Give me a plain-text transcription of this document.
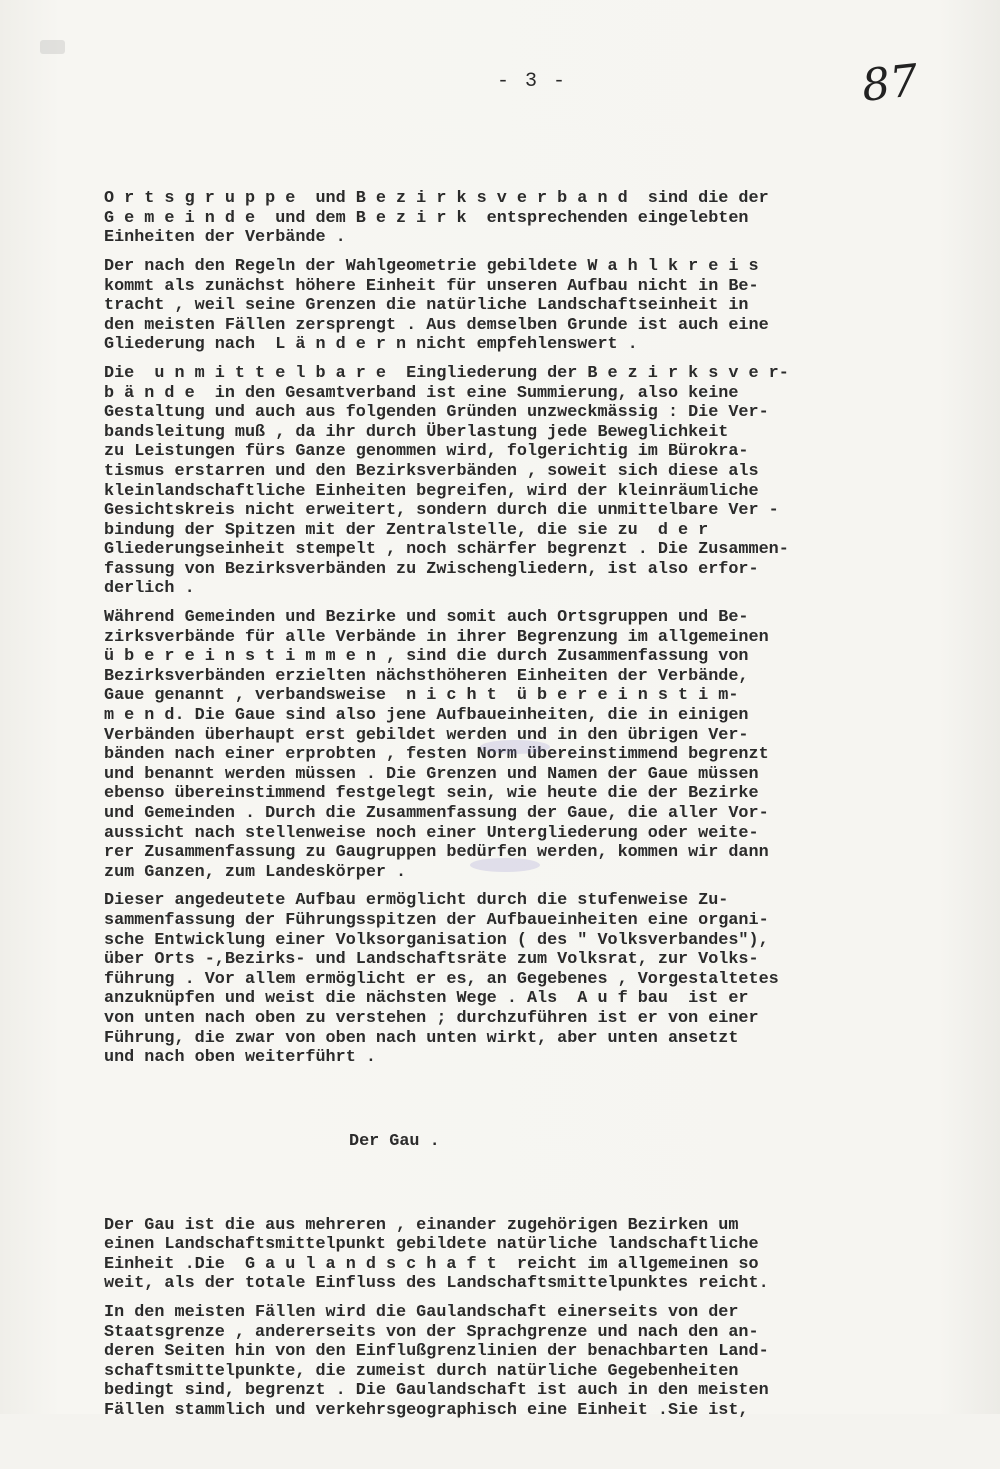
- 3 -	87

O r t s g r u p p e  und B e z i r k s v e r b a n d  sind die der
G e m e i n d e  und dem B e z i r k  entsprechenden eingelebten
Einheiten der Verbände .
Der nach den Regeln der Wahlgeometrie gebildete W a h l k r e i s
kommt als zunächst höhere Einheit für unseren Aufbau nicht in Be-
tracht , weil seine Grenzen die natürliche Landschaftseinheit in
den meisten Fällen zersprengt . Aus demselben Grunde ist auch eine
Gliederung nach  L ä n d e r n nicht empfehlenswert .
Die  u n m i t t e l b a r e  Eingliederung der B e z i r k s v e r-
b ä n d e  in den Gesamtverband ist eine Summierung, also keine
Gestaltung und auch aus folgenden Gründen unzweckmässig : Die Ver-
bandsleitung muß , da ihr durch Überlastung jede Beweglichkeit
zu Leistungen fürs Ganze genommen wird, folgerichtig im Bürokra-
tismus erstarren und den Bezirksverbänden , soweit sich diese als
kleinlandschaftliche Einheiten begreifen, wird der kleinräumliche
Gesichtskreis nicht erweitert, sondern durch die unmittelbare Ver -
bindung der Spitzen mit der Zentralstelle, die sie zu  d e r
Gliederungseinheit stempelt , noch schärfer begrenzt . Die Zusammen-
fassung von Bezirksverbänden zu Zwischengliedern, ist also erfor-
derlich .
Während Gemeinden und Bezirke und somit auch Ortsgruppen und Be-
zirksverbände für alle Verbände in ihrer Begrenzung im allgemeinen
ü b e r e i n s t i m m e n , sind die durch Zusammenfassung von
Bezirksverbänden erzielten nächsthöheren Einheiten der Verbände,
Gaue genannt , verbandsweise  n i c h t  ü b e r e i n s t i m-
m e n d. Die Gaue sind also jene Aufbaueinheiten, die in einigen
Verbänden überhaupt erst gebildet werden und in den übrigen Ver-
bänden nach einer erprobten , festen Norm übereinstimmend begrenzt
und benannt werden müssen . Die Grenzen und Namen der Gaue müssen
ebenso übereinstimmend festgelegt sein, wie heute die der Bezirke
und Gemeinden . Durch die Zusammenfassung der Gaue, die aller Vor-
aussicht nach stellenweise noch einer Untergliederung oder weite-
rer Zusammenfassung zu Gaugruppen bedürfen werden, kommen wir dann
zum Ganzen, zum Landeskörper .
Dieser angedeutete Aufbau ermöglicht durch die stufenweise Zu-
sammenfassung der Führungsspitzen der Aufbaueinheiten eine organi-
sche Entwicklung einer Volksorganisation ( des " Volksverbandes"),
über Orts -,Bezirks- und Landschaftsräte zum Volksrat, zur Volks-
führung . Vor allem ermöglicht er es, an Gegebenes , Vorgestaltetes
anzuknüpfen und weist die nächsten Wege . Als  A u f bau  ist er
von unten nach oben zu verstehen ; durchzuführen ist er von einer
Führung, die zwar von oben nach unten wirkt, aber unten ansetzt
und nach oben weiterführt .

Der Gau .

Der Gau ist die aus mehreren , einander zugehörigen Bezirken um
einen Landschaftsmittelpunkt gebildete natürliche landschaftliche
Einheit .Die  G a u l a n d s c h a f t  reicht im allgemeinen so
weit, als der totale Einfluss des Landschaftsmittelpunktes reicht.
In den meisten Fällen wird die Gaulandschaft einerseits von der
Staatsgrenze , andererseits von der Sprachgrenze und nach den an-
deren Seiten hin von den Einflußgrenzlinien der benachbarten Land-
schaftsmittelpunkte, die zumeist durch natürliche Gegebenheiten
bedingt sind, begrenzt . Die Gaulandschaft ist auch in den meisten
Fällen stammlich und verkehrsgeographisch eine Einheit .Sie ist,
